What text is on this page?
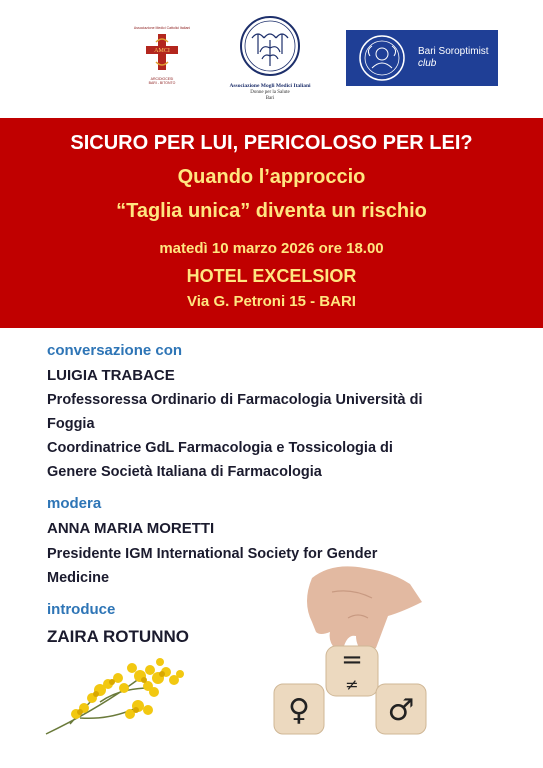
Associazione Medici Cattolici Italiani
AMCI
ARCIDIOCESI
BARI - BITONTO	Associazione Mogli Medici Italiani
Donne per la Salute
Bari
Bari Soroptimist
club
SICURO PER LUI, PERICOLOSO PER LEI?
Quando l’approccio
“Taglia unica” diventa un rischio
matedì 10 marzo 2026 ore 18.00
HOTEL EXCELSIOR
Via G. Petroni 15 - BARI
conversazione con
LUIGIA TRABACE
Professoressa Ordinario di Farmacologia Università di
Foggia
Coordinatrice GdL Farmacologia e Tossicologia di
Genere Società Italiana di Farmacologia
modera
ANNA MARIA MORETTI
Presidente IGM International Society for Gender
Medicine
introduce
ZAIRA ROTUNNO
=
≠
♀	♂
